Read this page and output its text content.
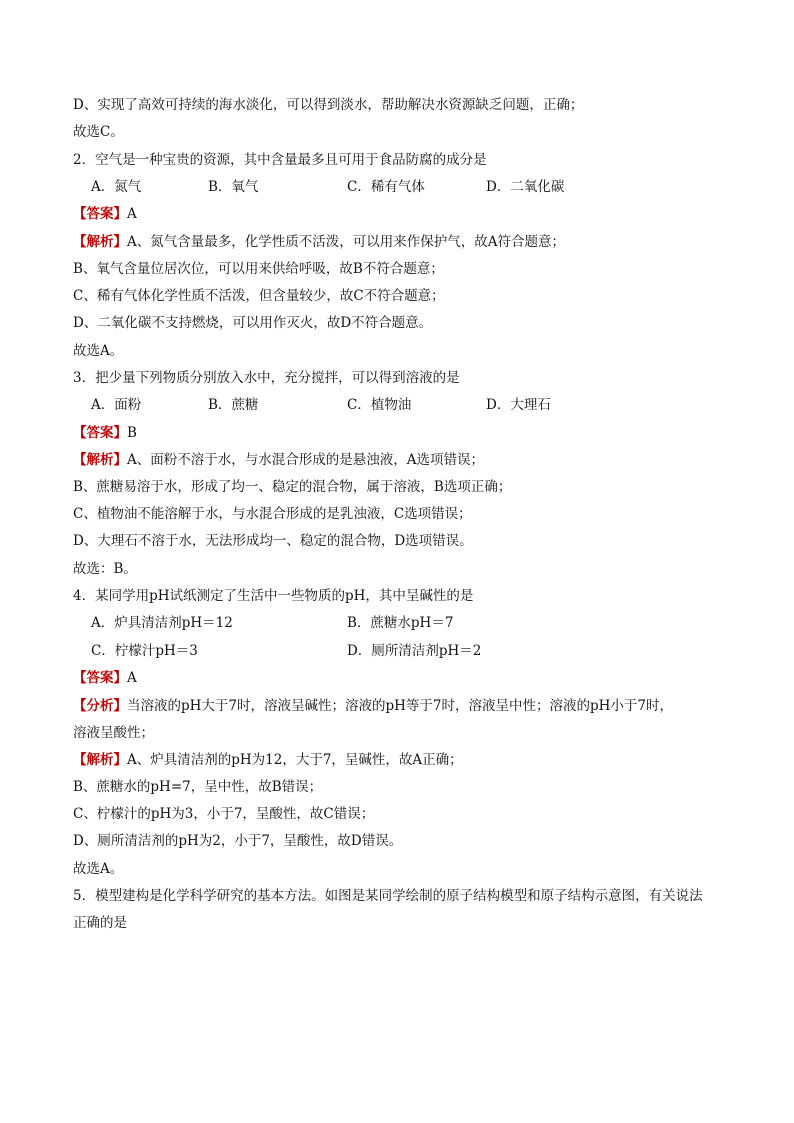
D、实现了高效可持续的海水淡化，可以得到淡水，帮助解决水资源缺乏问题，正确；
故选C。
2．空气是一种宝贵的资源，其中含量最多且可用于食品防腐的成分是
A．氮气	B．氧气	C．稀有气体	D．二氧化碳
【答案】A
【解析】A、氮气含量最多，化学性质不活泼，可以用来作保护气，故A符合题意；
B、氧气含量位居次位，可以用来供给呼吸，故B不符合题意；
C、稀有气体化学性质不活泼，但含量较少，故C不符合题意；
D、二氧化碳不支持燃烧，可以用作灭火，故D不符合题意。
故选A。
3．把少量下列物质分别放入水中，充分搅拌，可以得到溶液的是
A．面粉	B．蔗糖	C．植物油	D．大理石
【答案】B
【解析】A、面粉不溶于水，与水混合形成的是悬浊液，A选项错误；
B、蔗糖易溶于水，形成了均一、稳定的混合物，属于溶液，B选项正确；
C、植物油不能溶解于水，与水混合形成的是乳浊液，C选项错误；
D、大理石不溶于水，无法形成均一、稳定的混合物，D选项错误。
故选：B。
4．某同学用pH试纸测定了生活中一些物质的pH，其中呈碱性的是
A．炉具清洁剂pH＝12	B．蔗糖水pH＝7
C．柠檬汁pH＝3	D．厕所清洁剂pH＝2
【答案】A
【分析】当溶液的pH大于7时，溶液呈碱性；溶液的pH等于7时，溶液呈中性；溶液的pH小于7时，
溶液呈酸性；
【解析】A、炉具清洁剂的pH为12，大于7，呈碱性，故A正确；
B、蔗糖水的pH=7，呈中性，故B错误；
C、柠檬汁的pH为3，小于7，呈酸性，故C错误；
D、厕所清洁剂的pH为2，小于7，呈酸性，故D错误。
故选A。
5．模型建构是化学科学研究的基本方法。如图是某同学绘制的原子结构模型和原子结构示意图，有关说法
正确的是
